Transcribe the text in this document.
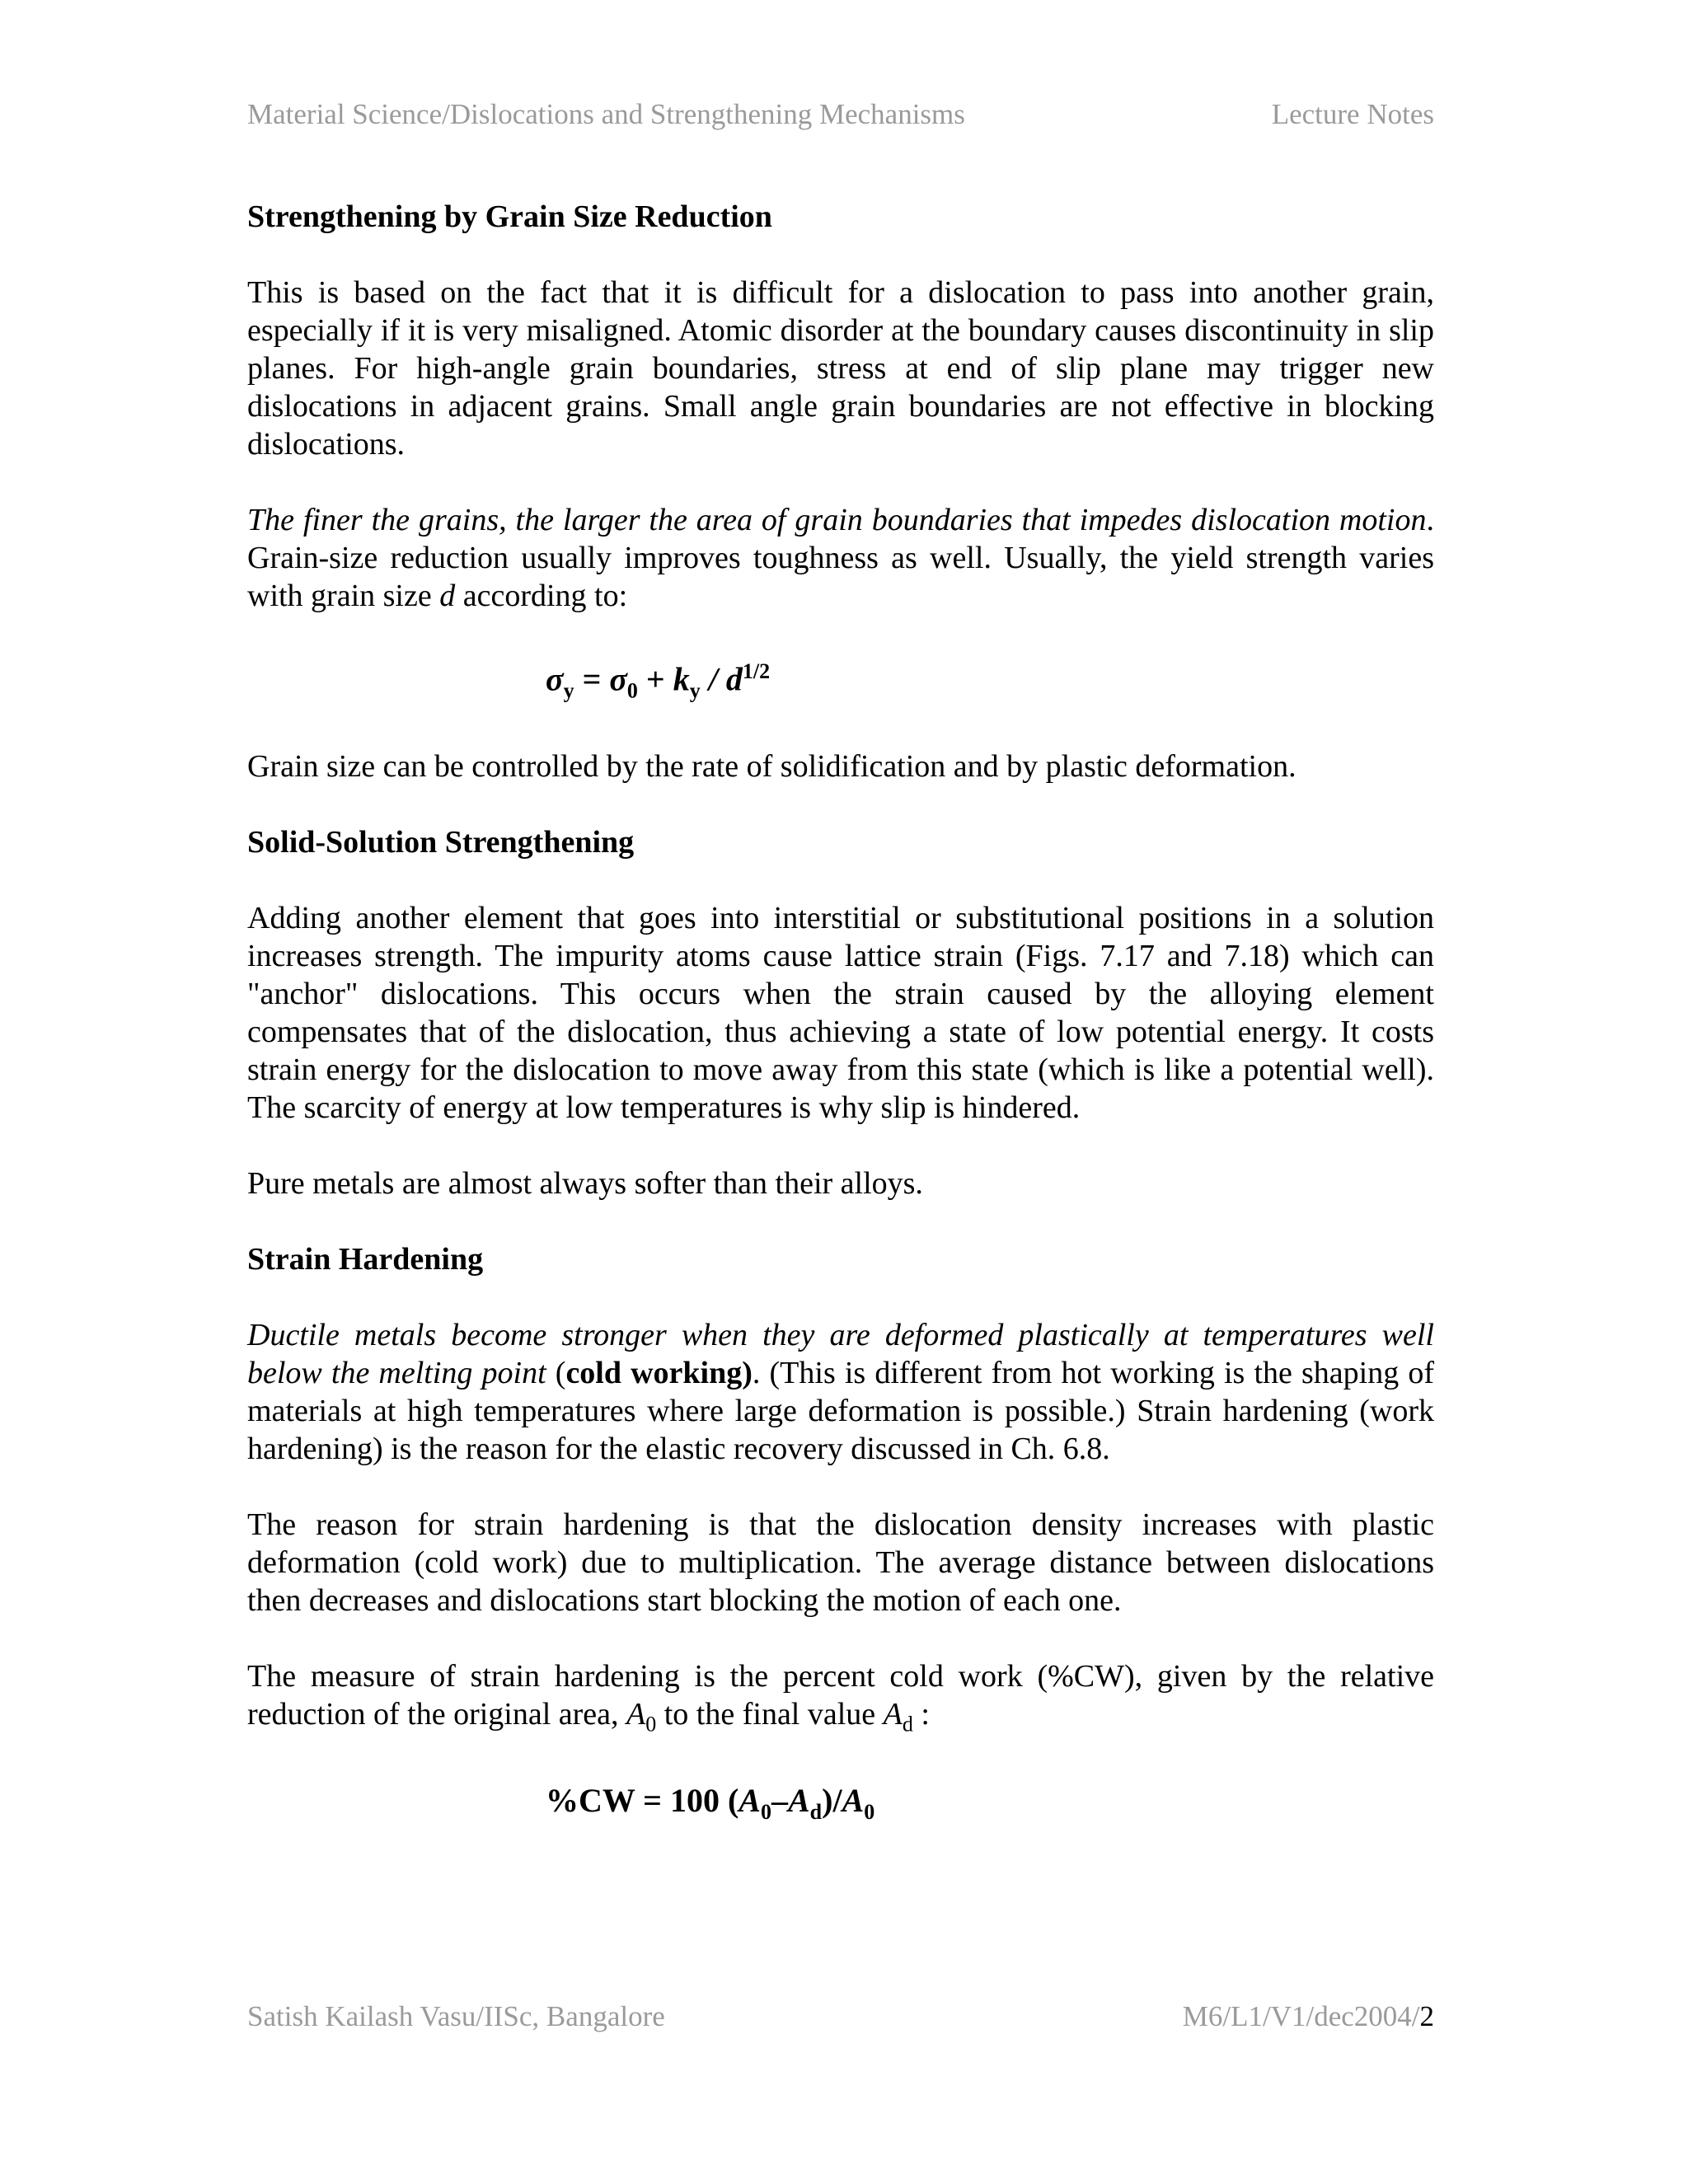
Material Science/Dislocations and Strengthening Mechanisms	Lecture Notes
Strengthening by Grain Size Reduction

This is based on the fact that it is difficult for a dislocation to pass into another grain, especially if it is very misaligned. Atomic disorder at the boundary causes discontinuity in slip planes. For high-angle grain boundaries, stress at end of slip plane may trigger new dislocations in adjacent grains. Small angle grain boundaries are not effective in blocking dislocations.

The finer the grains, the larger the area of grain boundaries that impedes dislocation motion. Grain-size reduction usually improves toughness as well. Usually, the yield strength varies with grain size d according to:

$\sigma_y = \sigma_0 + k_y / d^{1/2}$

Grain size can be controlled by the rate of solidification and by plastic deformation.

Solid-Solution Strengthening

Adding another element that goes into interstitial or substitutional positions in a solution increases strength. The impurity atoms cause lattice strain (Figs. 7.17 and 7.18) which can "anchor" dislocations. This occurs when the strain caused by the alloying element compensates that of the dislocation, thus achieving a state of low potential energy. It costs strain energy for the dislocation to move away from this state (which is like a potential well). The scarcity of energy at low temperatures is why slip is hindered.

Pure metals are almost always softer than their alloys.

Strain Hardening

Ductile metals become stronger when they are deformed plastically at temperatures well below the melting point (cold working). (This is different from hot working is the shaping of materials at high temperatures where large deformation is possible.) Strain hardening (work hardening) is the reason for the elastic recovery discussed in Ch. 6.8.

The reason for strain hardening is that the dislocation density increases with plastic deformation (cold work) due to multiplication. The average distance between dislocations then decreases and dislocations start blocking the motion of each one.

The measure of strain hardening is the percent cold work (%CW), given by the relative reduction of the original area, $A_0$ to the final value $A_d$ :

%CW = 100 $(A_0-A_d)/A_0$
Satish Kailash Vasu/IISc, Bangalore	M6/L1/V1/dec2004/2
